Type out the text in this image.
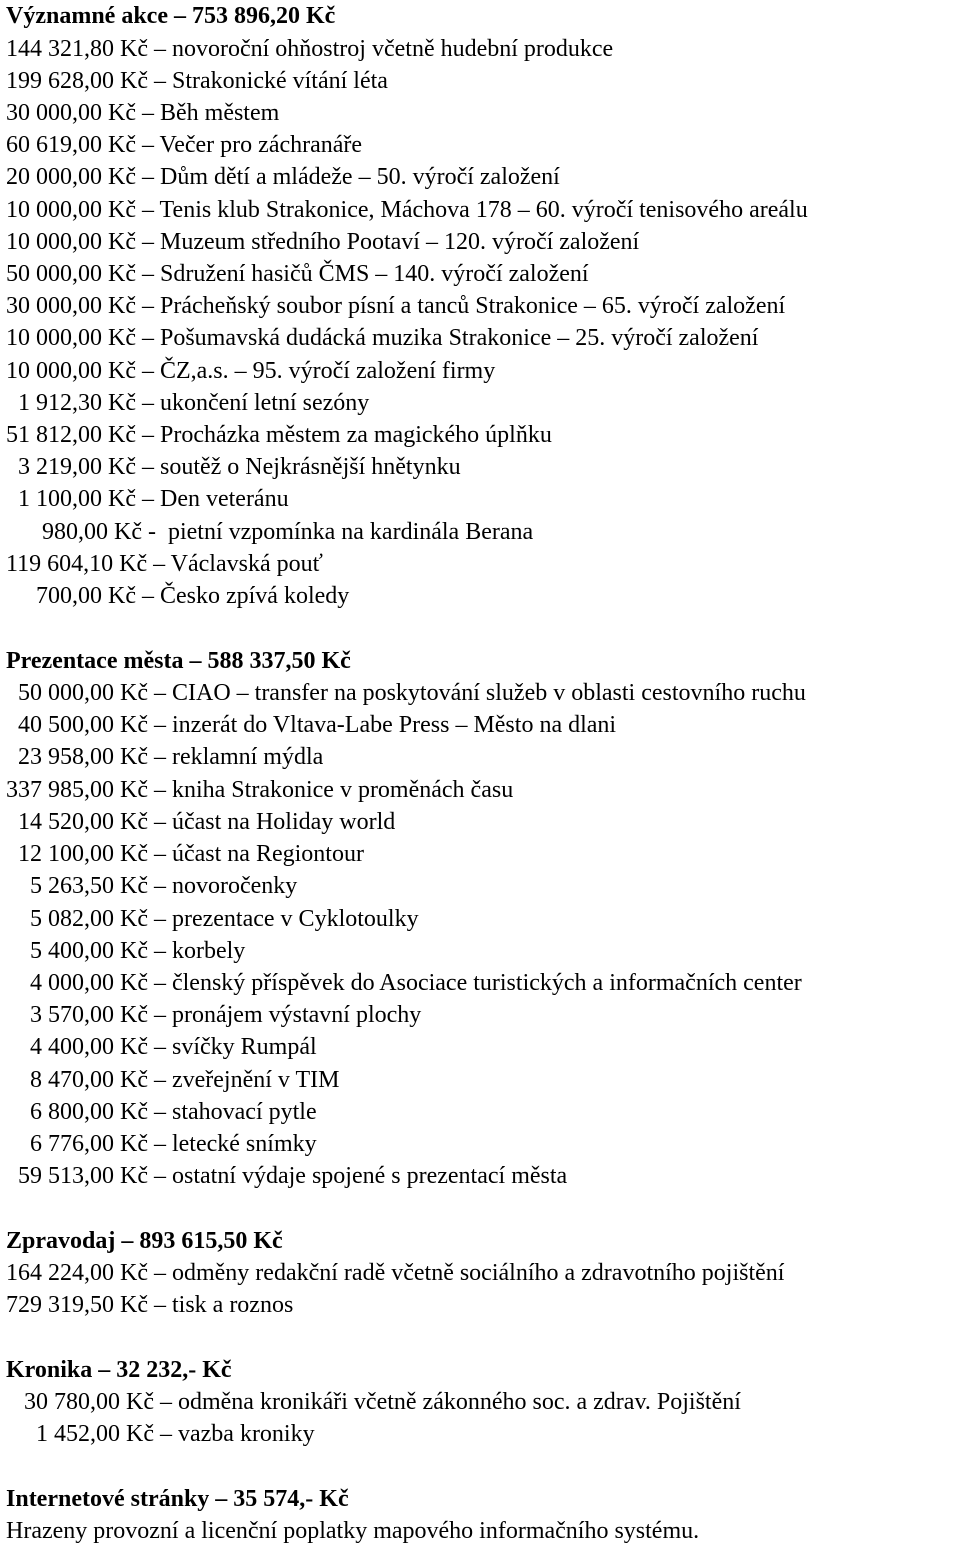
Významné akce – 753 896,20 Kč
144 321,80 Kč – novoroční ohňostroj včetně hudební produkce
199 628,00 Kč – Strakonické vítání léta
30 000,00 Kč – Běh městem
60 619,00 Kč – Večer pro záchranáře
20 000,00 Kč – Dům dětí a mládeže – 50. výročí založení
10 000,00 Kč – Tenis klub Strakonice, Máchova 178 – 60. výročí tenisového areálu
10 000,00 Kč – Muzeum středního Pootaví – 120. výročí založení
50 000,00 Kč – Sdružení hasičů ČMS – 140. výročí založení
30 000,00 Kč – Prácheňský soubor písní a tanců Strakonice – 65. výročí založení
10 000,00 Kč – Pošumavská dudácká muzika Strakonice – 25. výročí založení
10 000,00 Kč – ČZ,a.s. – 95. výročí založení firmy
1 912,30 Kč – ukončení letní sezóny
51 812,00 Kč – Procházka městem za magického úplňku
3 219,00 Kč – soutěž o Nejkrásnější hnětynku
1 100,00 Kč – Den veteránu
980,00 Kč -  pietní vzpomínka na kardinála Berana
119 604,10 Kč – Václavská pouť
700,00 Kč – Česko zpívá koledy
Prezentace města – 588 337,50 Kč
50 000,00 Kč – CIAO – transfer na poskytování služeb v oblasti cestovního ruchu
40 500,00 Kč – inzerát do Vltava-Labe Press – Město na dlani
23 958,00 Kč – reklamní mýdla
337 985,00 Kč – kniha Strakonice v proměnách času
14 520,00 Kč – účast na Holiday world
12 100,00 Kč – účast na Regiontour
5 263,50 Kč – novoročenky
5 082,00 Kč – prezentace v Cyklotoulky
5 400,00 Kč – korbely
4 000,00 Kč – členský příspěvek do Asociace turistických a informačních center
3 570,00 Kč – pronájem výstavní plochy
4 400,00 Kč – svíčky Rumpál
8 470,00 Kč – zveřejnění v TIM
6 800,00 Kč – stahovací pytle
6 776,00 Kč – letecké snímky
59 513,00 Kč – ostatní výdaje spojené s prezentací města
Zpravodaj – 893 615,50 Kč
164 224,00 Kč – odměny redakční radě včetně sociálního a zdravotního pojištění
729 319,50 Kč – tisk a roznos
Kronika – 32 232,- Kč
30 780,00 Kč – odměna kronikáři včetně zákonného soc. a zdrav. Pojištění
1 452,00 Kč – vazba kroniky
Internetové stránky – 35 574,- Kč
Hrazeny provozní a licenční poplatky mapového informačního systému.
